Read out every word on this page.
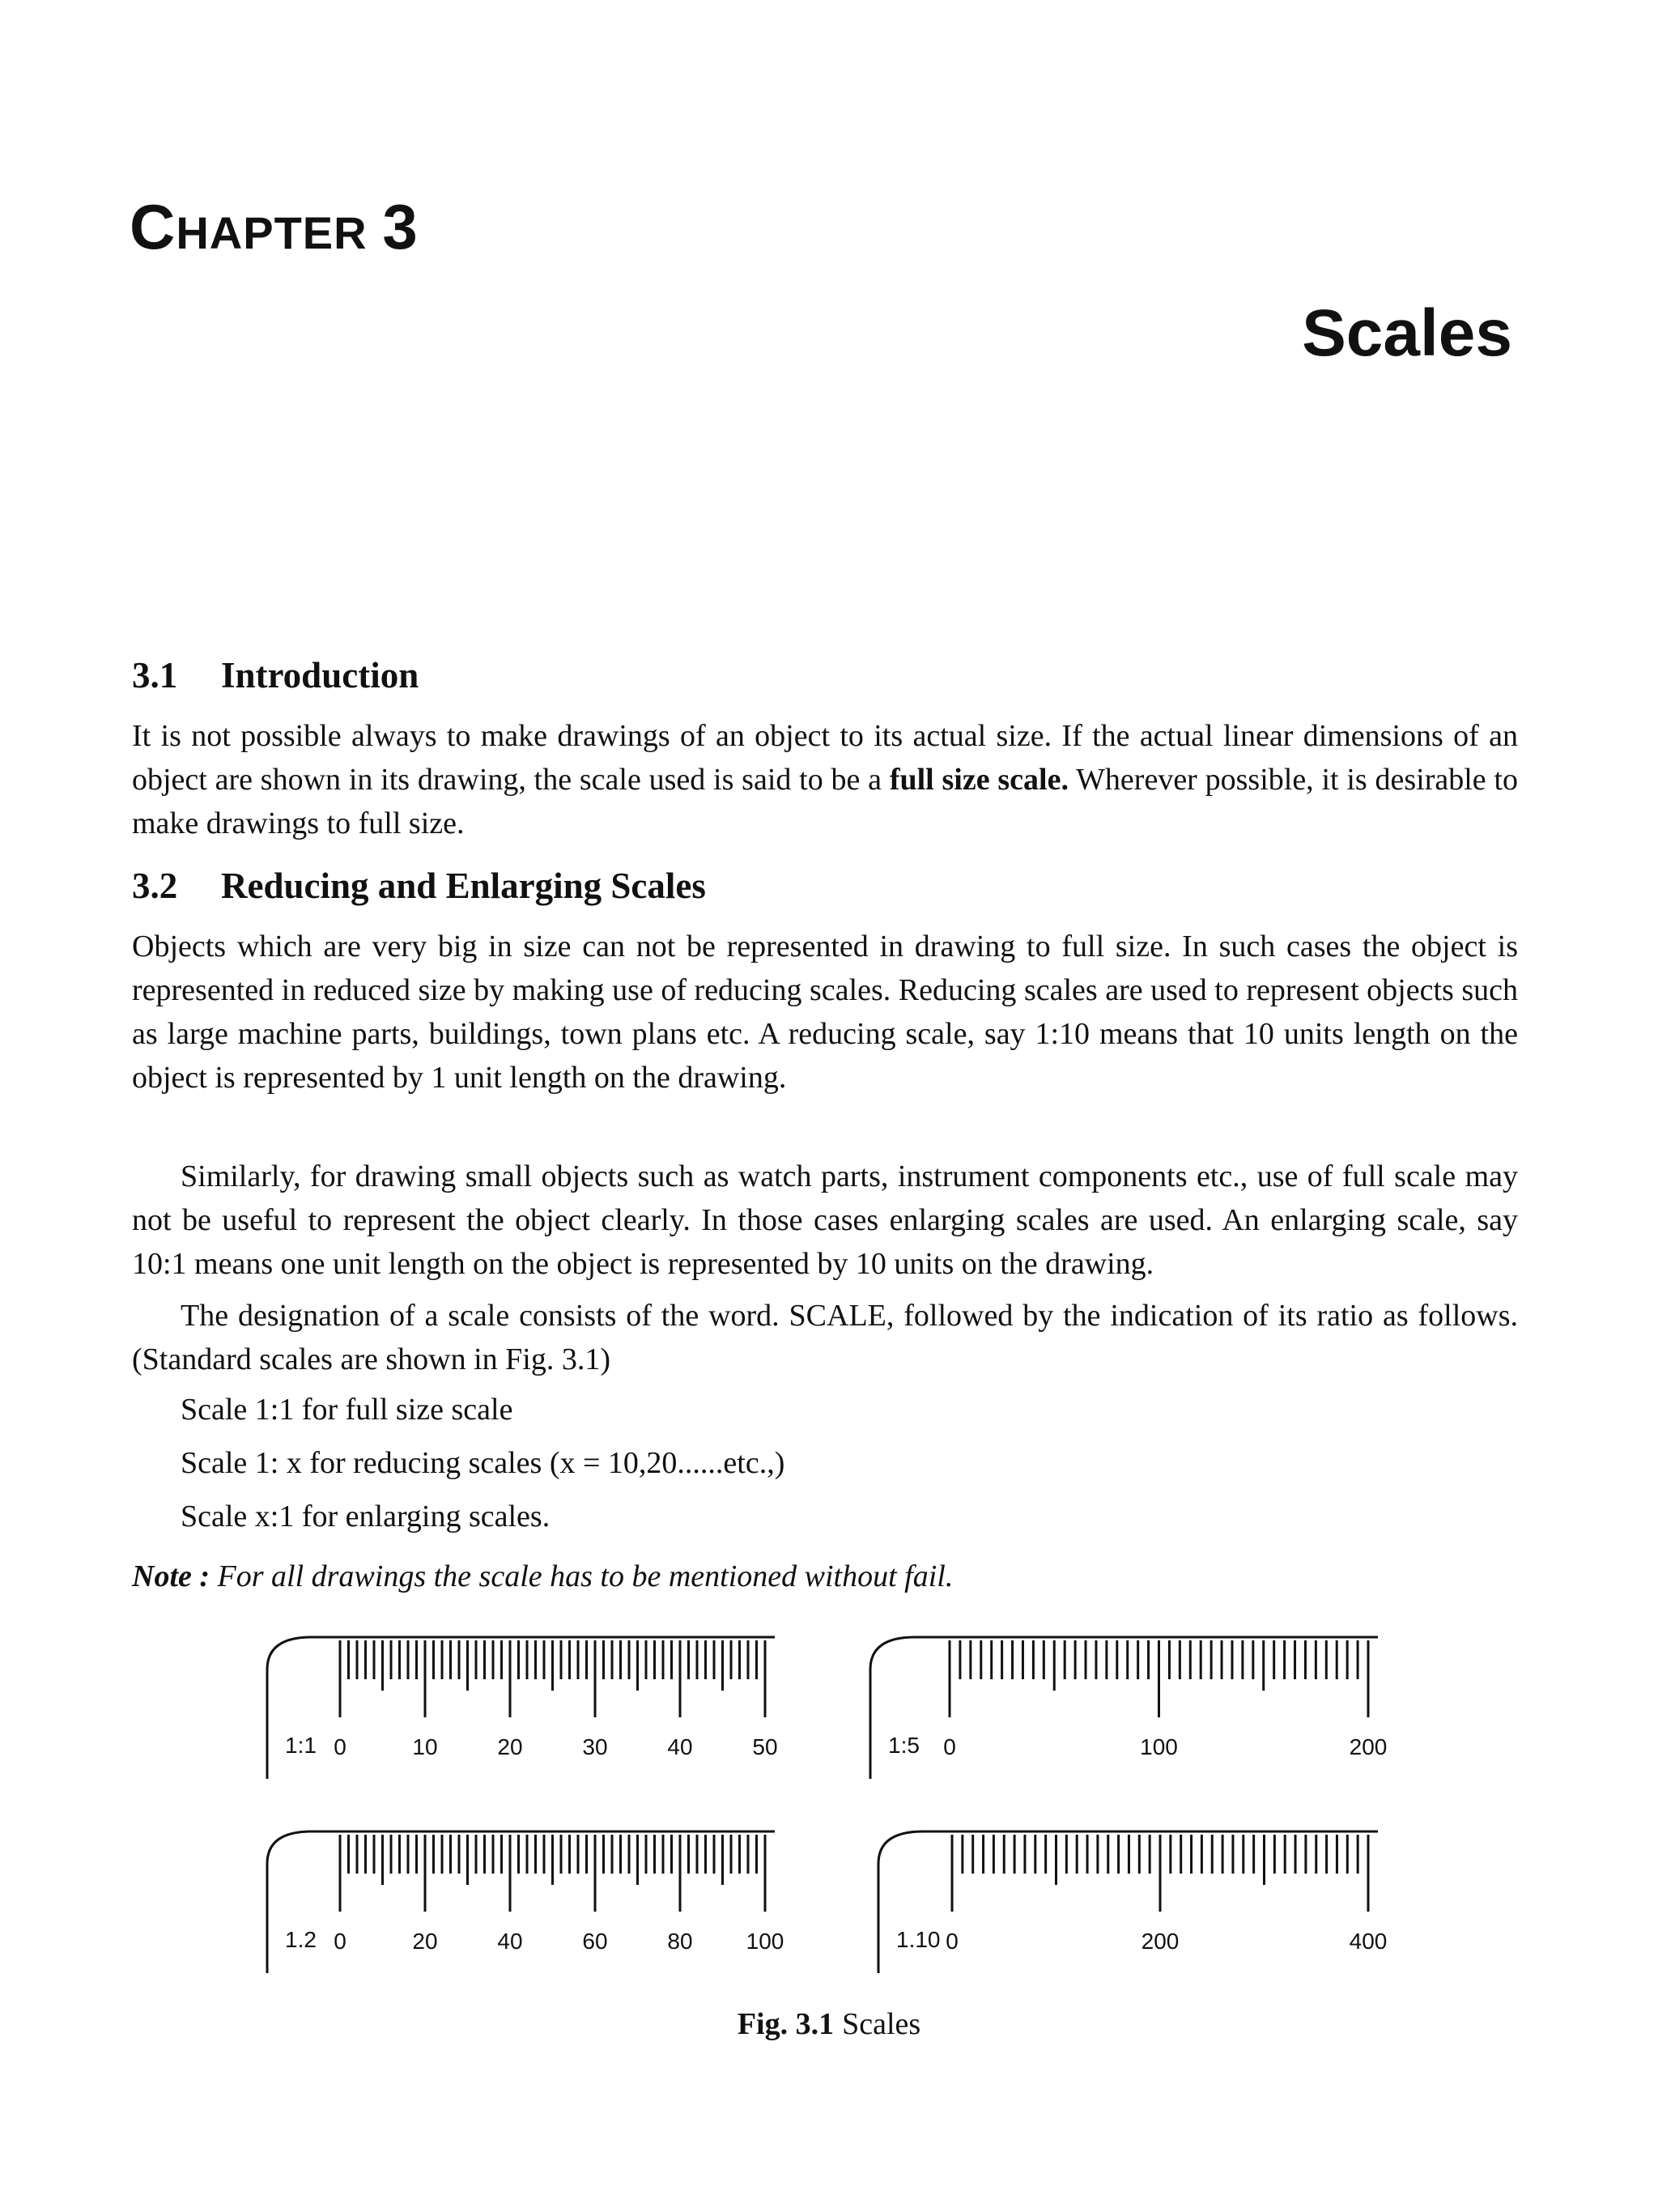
CHAPTER 3
Scales
3.1 Introduction
It is not possible always to make drawings of an object to its actual size. If the actual linear dimensions of an object are shown in its drawing, the scale used is said to be a full size scale. Wherever possible, it is desirable to make drawings to full size.
3.2 Reducing and Enlarging Scales
Objects which are very big in size can not be represented in drawing to full size. In such cases the object is represented in reduced size by making use of reducing scales. Reducing scales are used to represent objects such as large machine parts, buildings, town plans etc. A reducing scale, say 1:10 means that 10 units length on the object is represented by 1 unit length on the drawing.
Similarly, for drawing small objects such as watch parts, instrument components etc., use of full scale may not be useful to represent the object clearly. In those cases enlarging scales are used. An enlarging scale, say 10:1 means one unit length on the object is represented by 10 units on the drawing.
The designation of a scale consists of the word. SCALE, followed by the indication of its ratio as follows. (Standard scales are shown in Fig. 3.1)
Scale 1:1 for full size scale
Scale 1: x for reducing scales (x = 10,20......etc.,)
Scale x:1 for enlarging scales.
Note : For all drawings the scale has to be mentioned without fail.
1:1 0	10	20	30	40	50	1:5 0	100	200
1.2 0	20	40	60	80 100	1.10 0	200	400
Fig. 3.1 Scales
